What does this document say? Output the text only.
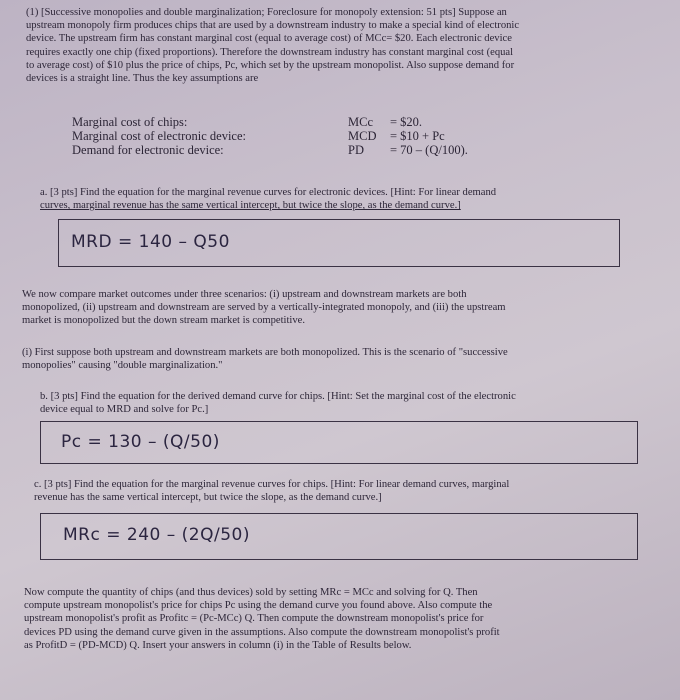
(1) [Successive monopolies and double marginalization; Foreclosure for monopoly extension: 51 pts] Suppose an
upstream monopoly firm produces chips that are used by a downstream industry to make a special kind of electronic
device. The upstream firm has constant marginal cost (equal to average cost) of MCc= $20. Each electronic device
requires exactly one chip (fixed proportions). Therefore the downstream industry has constant marginal cost (equal
to average cost) of $10 plus the price of chips, Pc, which set by the upstream monopolist. Also suppose demand for
devices is a straight line. Thus the key assumptions are
Marginal cost of chips:	MCc = $20.
Marginal cost of electronic device:	MCD = $10 + Pc
Demand for electronic device:	PD = 70 – (Q/100).
a. [3 pts] Find the equation for the marginal revenue curves for electronic devices. [Hint: For linear demand
curves, marginal revenue has the same vertical intercept, but twice the slope, as the demand curve.]
MRD = 140 – Q50
We now compare market outcomes under three scenarios: (i) upstream and downstream markets are both
monopolized, (ii) upstream and downstream are served by a vertically-integrated monopoly, and (iii) the upstream
market is monopolized but the down stream market is competitive.
(i) First suppose both upstream and downstream markets are both monopolized. This is the scenario of "successive
monopolies" causing "double marginalization."
b. [3 pts] Find the equation for the derived demand curve for chips. [Hint: Set the marginal cost of the electronic
device equal to MRD and solve for Pc.]
Pc = 130 – (Q/50)
c. [3 pts] Find the equation for the marginal revenue curves for chips. [Hint: For linear demand curves, marginal
revenue has the same vertical intercept, but twice the slope, as the demand curve.]
MRc = 240 – (2Q/50)
Now compute the quantity of chips (and thus devices) sold by setting MRc = MCc and solving for Q. Then
compute upstream monopolist's price for chips Pc using the demand curve you found above. Also compute the
upstream monopolist's profit as Profitc = (Pc-MCc) Q. Then compute the downstream monopolist's price for
devices PD using the demand curve given in the assumptions. Also compute the downstream monopolist's profit
as ProfitD = (PD-MCD) Q. Insert your answers in column (i) in the Table of Results below.
